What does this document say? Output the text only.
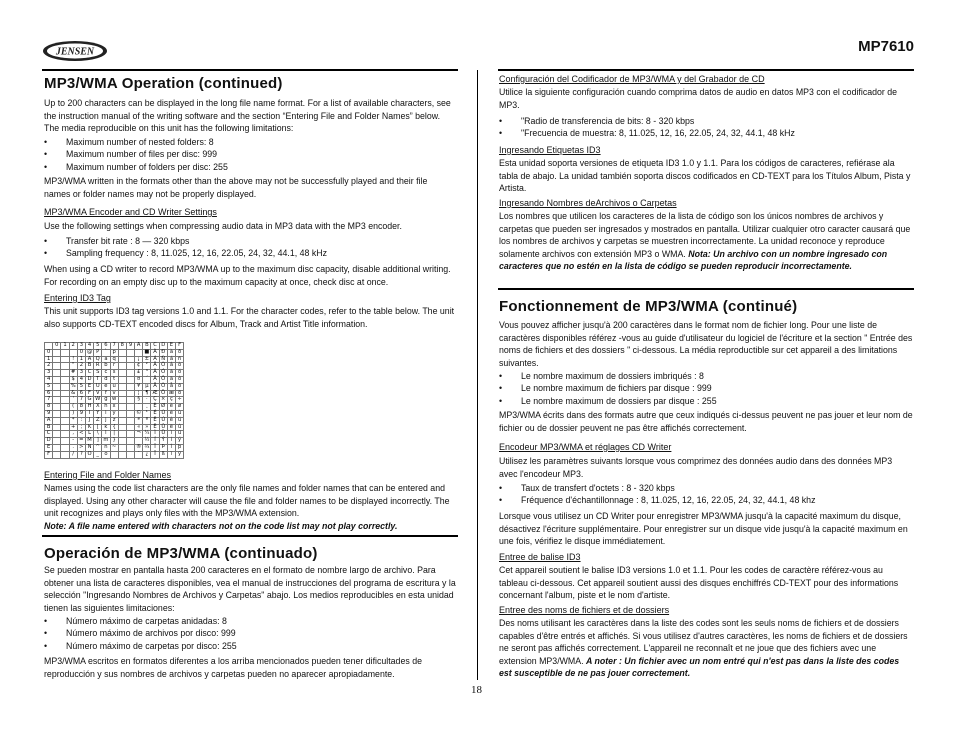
JENSEN	MP7610
MP3/WMA Operation (continued)
Up to 200 characters can be displayed in the long file name format. For a list of available characters, see the instruction manual of the writing software and the section “Entering File and Folder Names” below. The media reproducible on this unit has the following limitations:
•	Maximum number of nested folders: 8
•	Maximum number of files per disc: 999
•	Maximum number of folders per disc: 255
MP3/WMA written in the formats other than the above may not be successfully played and their file names or folder names may not be properly displayed.
MP3/WMA Encoder and CD Writer Settings
Use the following settings when compressing audio data in MP3 data with the MP3 encoder.
•	Transfer bit rate : 8 — 320 kbps
•	Sampling frequency : 8, 11.025, 12, 16, 22.05, 24, 32, 44.1, 48 kHz
When using a CD writer to record MP3/WMA up to the maximum disc capacity, disable additional writing. For recording on an empty disc up to the maximum capacity at once, check disc at once.
Entering ID3 Tag
This unit supports ID3 tag versions 1.0 and 1.1. For the character codes, refer to the table below. The unit also supports CD-TEXT encoded discs for Album, Track and Artist Title information.
	0	1	2	3	4	5	6	7	8	9	A	B	C	D	E	F
0				0	@	P	`	p				■	À	Ð	à	ð
1			!	1	A	Q	a	q			¡	±	Á	Ñ	á	ñ
2			"	2	B	R	b	r			¢	²	Â	Ò	â	ò
3			#	3	C	S	c	s			£	³	Ã	Ó	ã	ó
4			$	4	D	T	d	t			¤	´	Ä	Ô	ä	ô
5			%	5	E	U	e	u			¥	µ	Å	Õ	å	õ
6			&	6	F	V	f	v			¦	¶	Æ	Ö	æ	ö
7			'	7	G	W	g	w			§	·	Ç	×	ç	÷
8			(	8	H	X	h	x			¨	¸	È	Ø	è	ø
9			)	9	I	Y	i	y			©	¹	É	Ù	é	ù
A			*	:	J	Z	j	z			ª	º	Ê	Ú	ê	ú
B			+	;	K	[	k	{			«	»	Ë	Û	ë	û
C			,	<	L	\	l	|			¬	¼	Ì	Ü	ì	ü
D			-	=	M	]	m	}				½	Í	Ý	í	ý
E			.	>	N	^	n	~			®	¾	Î	Þ	î	þ
F			/	?	O	_	o				¯	¿	Ï	ß	ï	ÿ
Entering File and Folder Names
Names using the code list characters are the only file names and folder names that can be entered and displayed. Using any other character will cause the file and folder names to be displayed incorrectly. The unit recognizes and plays only files with the MP3/WMA extension.
Note: A file name entered with characters not on the code list may not play correctly.
Operación de MP3/WMA (continuado)
Se pueden mostrar en pantalla hasta 200 caracteres en el formato de nombre largo de archivo. Para obtener una lista de caracteres disponibles, vea el manual de instrucciones del programa de escritura y la selección "Ingresando Nombres de Archivos y Carpetas" abajo. Los medios reproducibles en esta unidad tienen las siguientes limitaciones:
•	Número máximo de carpetas anidadas: 8
•	Número máximo de archivos por disco: 999
•	Número máximo de carpetas por disco: 255
MP3/WMA escritos en formatos diferentes a los arriba mencionados pueden tener dificultades de reproducción y sus nombres de archivos y carpetas pueden no aparecer apropiadamente.
Configuración del Codificador de MP3/WMA y del Grabador de CD
Utilice la siguiente configuración cuando comprima datos de audio en datos MP3 con el codificador de MP3.
•	"Radio de transferencia de bits: 8 - 320 kbps
•	"Frecuencia de muestra: 8, 11.025, 12, 16, 22.05, 24, 32, 44.1, 48 kHz
Ingresando Etiquetas ID3
Esta unidad soporta versiones de etiqueta ID3 1.0 y 1.1. Para los códigos de caracteres, refiérase ala tabla de abajo. La unidad también soporta discos codificados en CD-TEXT para los Títulos Album, Pista y Artista.
Ingresando Nombres deArchivos o Carpetas
Los nombres que utilicen los caracteres de la lista de código son los únicos nombres de archivos y carpetas que pueden ser ingresados y mostrados en pantalla. Utilizar cualquier otro caracter causará que los nombres de archivos y carpetas se muestren incorrectamente. La unidad reconoce y reproduce solamente archivos con extensión MP3 o WMA. Nota: Un archivo con un nombre ingresado con caracteres que no estén en la lista de código se pueden reproducir incorrectamente.
Fonctionnement de MP3/WMA (continué)
Vous pouvez afficher jusqu'à 200 caractères dans le format nom de fichier long. Pour une liste de caractères disponibles référez -vous au guide d'utilisateur du logiciel de l'écriture et la section " Entrée des noms de fichiers et des dossiers " ci-dessous. La média reproductible sur cet appareil a des limitations suivantes.
•	Le nombre maximum de dossiers imbriqués : 8
•	Le nombre maximum de fichiers par disque : 999
•	Le nombre maximum de dossiers par disque : 255
MP3/WMA écrits dans des formats autre que ceux indiqués ci-dessus peuvent ne pas jouer et leur nom de fichier ou de dossier peuvent ne pas être affichés correctement.
Encodeur MP3/WMA et réglages CD Writer
Utilisez les paramètres suivants lorsque vous comprimez des données audio dans des données MP3 avec l'encodeur MP3.
•	Taux de transfert d'octets : 8 - 320 kbps
•	Fréquence d'échantillonnage : 8, 11.025, 12, 16, 22.05, 24, 32, 44.1, 48 khz
Lorsque vous utilisez un CD Writer pour enregistrer MP3/WMA jusqu'à la capacité maximum du disque, désactivez l'écriture supplémentaire. Pour enregistrer sur un disque vide jusqu'à la capacité maximum en une fois, vérifiez le disque immédiatement.
Entree de balise ID3
Cet appareil soutient le balise ID3 versions 1.0 et 1.1. Pour les codes de caractère référez-vous au tableau ci-dessous. Cet appareil soutient aussi des disques enchiffrés CD-TEXT pour des informations concernant l'album, piste et le nom d'artiste.
Entree des noms de fichiers et de dossiers
Des noms utilisant les caractères dans la liste des codes sont les seuls noms de fichiers et de dossiers capables d'être entrés et affichés. Si vous utilisez d'autres caractères, les noms de fichiers et de dossiers ne seront pas affichés correctement. L'appareil ne reconnaît et ne joue que des fichiers avec une extension MP3/WMA. A noter : Un fichier avec un nom entré qui n'est pas dans la liste des codes est susceptible de ne pas jouer correctement.
18
